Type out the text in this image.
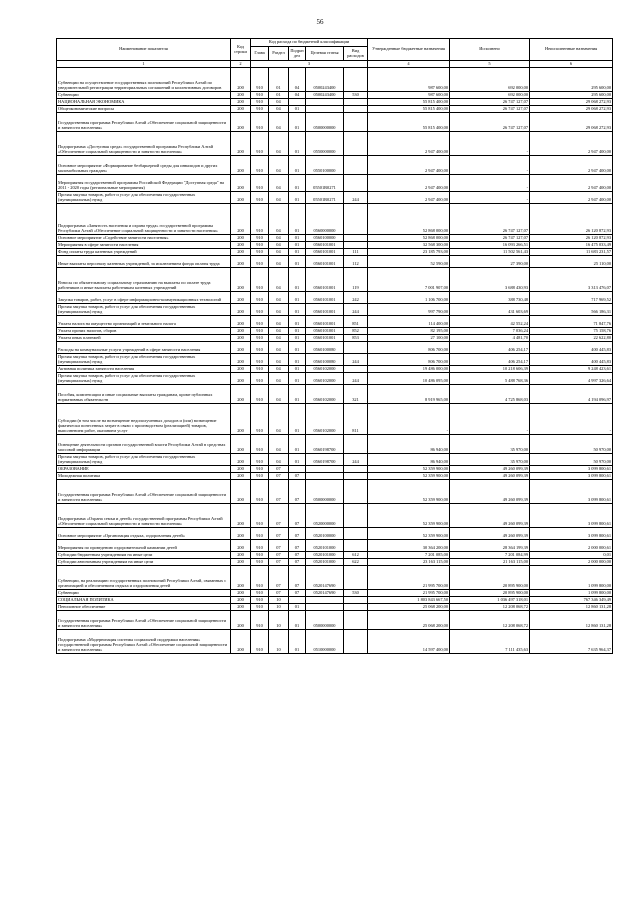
56
Наименование показателя	Код строки	Код расхода по бюджетной классификации					Утвержденные бюджетные назначения	Исполнено	Неисполненные назначения
		Глава	Раздел	Подраз дел	Целевая статья	Вид расходов			
1	2	3					4	5	6
Субвенции на осуществление государственных полномочий Республики Алтай по уведомительной регистрации территориальных соглашений и коллективных договоров	200	910	01	04	0500243400		987 600,00	692 000,00	295 600,00
Субвенции	200	910	01	04	0500243400	530	987 600,00	692 000,00	295 600,00
НАЦИОНАЛЬНАЯ ЭКОНОМИКА	200	910	04				55 815 400,00	26 747 127,07	29 068 272,93
Общеэкономические вопросы	200	910	04	01			55 815 400,00	26 747 127,07	29 068 272,93
Государственная программа Республики Алтай «Обеспечение социальной защищенности и занятости населения»	200	910	04	01	0500000000		55 815 400,00	26 747 127,07	29 068 272,93
Подпрограмма «Доступная среда» государственной программы Республики Алтай «Обеспечение социальной защищенности и занятости населения»	200	910	04	01	0550000000		2 947 400,00	-	2 947 400,00
Основное мероприятие «Формирование безбарьерной среды для инвалидов и других маломобильных граждан»	200	910	04	01	0550100000		2 947 400,00	-	2 947 400,00
Мероприятия государственной программы Российской Федерации "Доступная среда" на 2011 - 2020 годы (региональные мероприятия)	200	910	04	01	05501R0271		2 947 400,00	-	2 947 400,00
Прочая закупка товаров, работ и услуг для обеспечения государственных (муниципальных) нужд	200	910	04	01	05501R0271	244	2 947 400,00	-	2 947 400,00
Подпрограмма «Занятость населения и охрана труда» государственной программы Республики Алтай «Обеспечение социальной защищенности и занятости населения»	200	910	04	01	0560000000		52 868 000,00	26 747 127,07	26 120 872,93
Основное мероприятие «Содействие занятости населения»	200	910	04	01	0560100000		52 868 000,00	26 747 127,07	26 120 872,93
Мероприятия в сфере занятости населения	200	910	04	01	0560101001		32 568 300,00	16 093 266,51	16 475 033,49
Фонд оплаты труда казенных учреждений	200	910	04	01	0560101001	111	23 185 793,00	11 502 561,43	11 683 231,57
Иные выплаты персоналу казенных учреждений, за исключением фонда оплаты труда	200	910	04	01	0560101001	112	52 590,00	27 390,00	25 110,00
Взносы по обязательному социальному страхованию на выплаты по оплате труда работников и иные выплаты работникам казенных учреждений	200	910	04	01	0560101001	119	7 001 907,00	3 688 430,93	3 313 476,07
Закупка товаров, работ, услуг в сфере информационно-коммуникационных технологий	200	910	04	01	0560101001	242	1 106 700,00	388 730,48	717 969,52
Прочая закупка товаров, работ и услуг для обеспечения государственных (муниципальных) нужд	200	910	04	01	0560101001	244	997 790,00	431 603,69	566 186,31
Уплата налога на имущество организаций и земельного налога	200	910	04	01	0560101001	851	114 400,00	42 552,24	71 847,76
Уплата прочих налогов, сборов	200	910	04	01	0560101001	852	82 195,00	7 036,24	75 158,76
Уплата иных платежей	200	910	04	01	0560101001	853	27 100,00	4 481,70	22 622,80
Расходы на коммунальные услуги учреждений в сфере занятости населения	200	910	04	01	0560100080		806 700,00	406 254,17	400 445,83
Прочая закупка товаров, работ и услуг для обеспечения государственных (муниципальных) нужд	200	910	04	01	0560100080	244	806 700,00	406 254,17	400 445,83
Активная политика занятости населения	200	910	04	01	0560102000		19 486 000,00	10 218 606,39	9 248 423,61
Прочая закупка товаров, работ и услуг для обеспечения государственных (муниципальных) нужд	200	910	04	01	0560102000	244	10 486 095,00	5 488 768,36	4 997 326,64
Пособия, компенсации и иные социальные выплаты гражданам, кроме публичных нормативных обязательств	200	910	04	01	0560102000	321	8 919 965,00	4 725 868,03	4 194 096,97
Субсидии (в том числе на возмещение недополученных доходов и (или) возмещение фактически понесенных затрат в связи с производством (реализацией) товаров, выполнением работ, оказанием услуг	200	910	04	01	0560102000	811	-	-	-
Освещение деятельности органов государственной власти Республики Алтай в средствах массовой информации	200	910	04	01	0560198700		86 940,00	35 970,00	50 970,00
Прочая закупка товаров, работ и услуг для обеспечения государственных (муниципальных) нужд	200	910	04	01	0560198700	244	86 940,00	35 970,00	50 970,00
ОБРАЗОВАНИЕ	200	910	07				52 359 900,00	49 260 099,39	3 099 800,61
Молодежная политика	200	910	07	07			52 359 900,00	49 260 099,39	3 099 800,61
Государственная программа Республики Алтай «Обеспечение социальной защищенности и занятости населения»	200	910	07	07	0500000000		52 359 900,00	49 260 099,39	3 099 800,61
Подпрограмма «Охрана семьи и детей» государственной программы Республики Алтай «Обеспечение социальной защищенности и занятости населения»	200	910	07	07	0520000000		52 359 900,00	49 260 099,39	3 099 800,61
Основное мероприятие «Организация отдыха, оздоровления детей»	200	910	07	07	0520100000		52 359 900,00	49 260 099,39	3 099 800,61
Мероприятия по проведению оздоровительной кампании детей	200	910	07	07	0520101000		30 364 200,00	28 364 199,39	2 000 000,61
Субсидии бюджетным учреждениям на иные цели	200	910	07	07	0520101000	612	7 201 085,00	7 201 084,99	0,01
Субсидии автономным учреждениям на иные цели	200	910	07	07	0520101000	622	23 163 115,00	21 163 115,00	2 000 000,00
Субвенции, на реализацию государственных полномочий Республики Алтай, связанных с организацией и обеспечением отдыха и оздоровления детей	200	910	07	07	0520147690		21 995 700,00	20 895 900,00	1 099 800,00
Субвенции	200	910	07	07	0520147690	530	21 995 700,00	20 895 900,00	1 099 800,00
СОЦИАЛЬНАЯ ПОЛИТИКА	200	910	10				1 803 843 667,50	1 036 497 318,01	767 346 349,49
Пенсионное обеспечение	200	910	10	01			25 068 200,00	12 208 068,72	12 860 131,28
Государственная программа Республики Алтай «Обеспечение социальной защищенности и занятости населения»	200	910	10	01	0500000000		25 068 200,00	12 208 068,72	12 860 131,28
Подпрограмма «Модернизация системы социальной поддержки населения» государственной программы Республики Алтай «Обеспечение социальной защищенности и занятости населения»	200	910	10	01	0510000000		14 597 400,00	7 111 435,63	7 635 964,37
